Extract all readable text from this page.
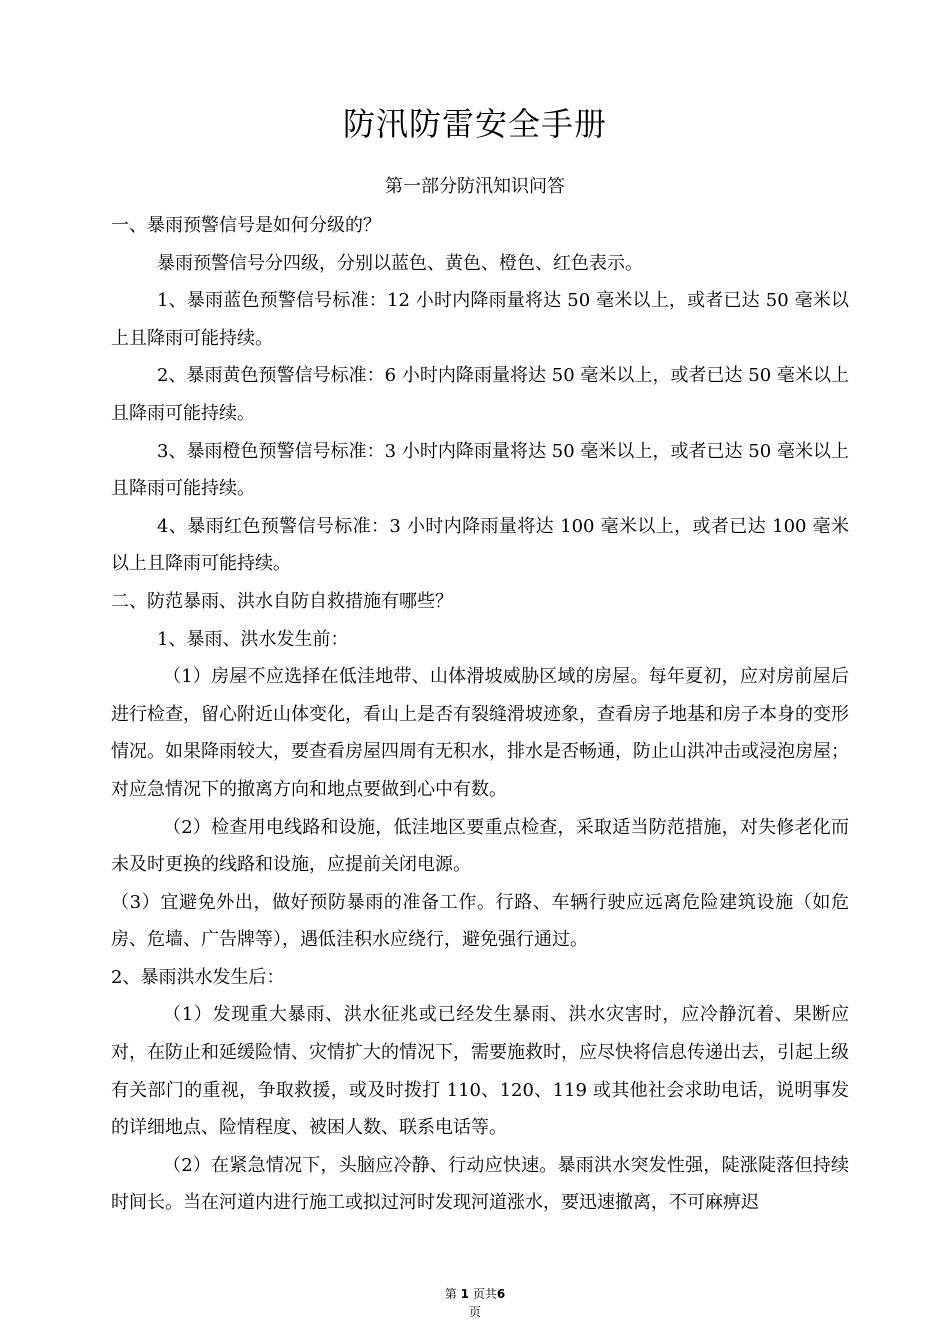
防汛防雷安全手册
第一部分防汛知识问答

一、暴雨预警信号是如何分级的？

暴雨预警信号分四级，分别以蓝色、黄色、橙色、红色表示。

1、暴雨蓝色预警信号标准：12 小时内降雨量将达 50 毫米以上，或者已达 50 毫米以上且降雨可能持续。

2、暴雨黄色预警信号标准：6 小时内降雨量将达 50 毫米以上，或者已达 50 毫米以上且降雨可能持续。

3、暴雨橙色预警信号标准：3 小时内降雨量将达 50 毫米以上，或者已达 50 毫米以上且降雨可能持续。

4、暴雨红色预警信号标准：3 小时内降雨量将达 100 毫米以上，或者已达 100 毫米以上且降雨可能持续。

二、防范暴雨、洪水自防自救措施有哪些？

1、暴雨、洪水发生前：

（1）房屋不应选择在低洼地带、山体滑坡威胁区域的房屋。每年夏初，应对房前屋后进行检查，留心附近山体变化，看山上是否有裂缝滑坡迹象，查看房子地基和房子本身的变形情况。如果降雨较大，要查看房屋四周有无积水，排水是否畅通，防止山洪冲击或浸泡房屋；对应急情况下的撤离方向和地点要做到心中有数。

（2）检查用电线路和设施，低洼地区要重点检查，采取适当防范措施，对失修老化而未及时更换的线路和设施，应提前关闭电源。

（3）宜避免外出，做好预防暴雨的准备工作。行路、车辆行驶应远离危险建筑设施（如危房、危墙、广告牌等），遇低洼积水应绕行，避免强行通过。

2、暴雨洪水发生后：

（1）发现重大暴雨、洪水征兆或已经发生暴雨、洪水灾害时，应冷静沉着、果断应对，在防止和延缓险情、灾情扩大的情况下，需要施救时，应尽快将信息传递出去，引起上级有关部门的重视，争取救援，或及时拨打 110、120、119 或其他社会求助电话，说明事发的详细地点、险情程度、被困人数、联系电话等。

（2）在紧急情况下，头脑应冷静、行动应快速。暴雨洪水突发性强，陡涨陡落但持续时间长。当在河道内进行施工或拟过河时发现河道涨水，要迅速撤离，不可麻痹迟

第 1 页共6
页
